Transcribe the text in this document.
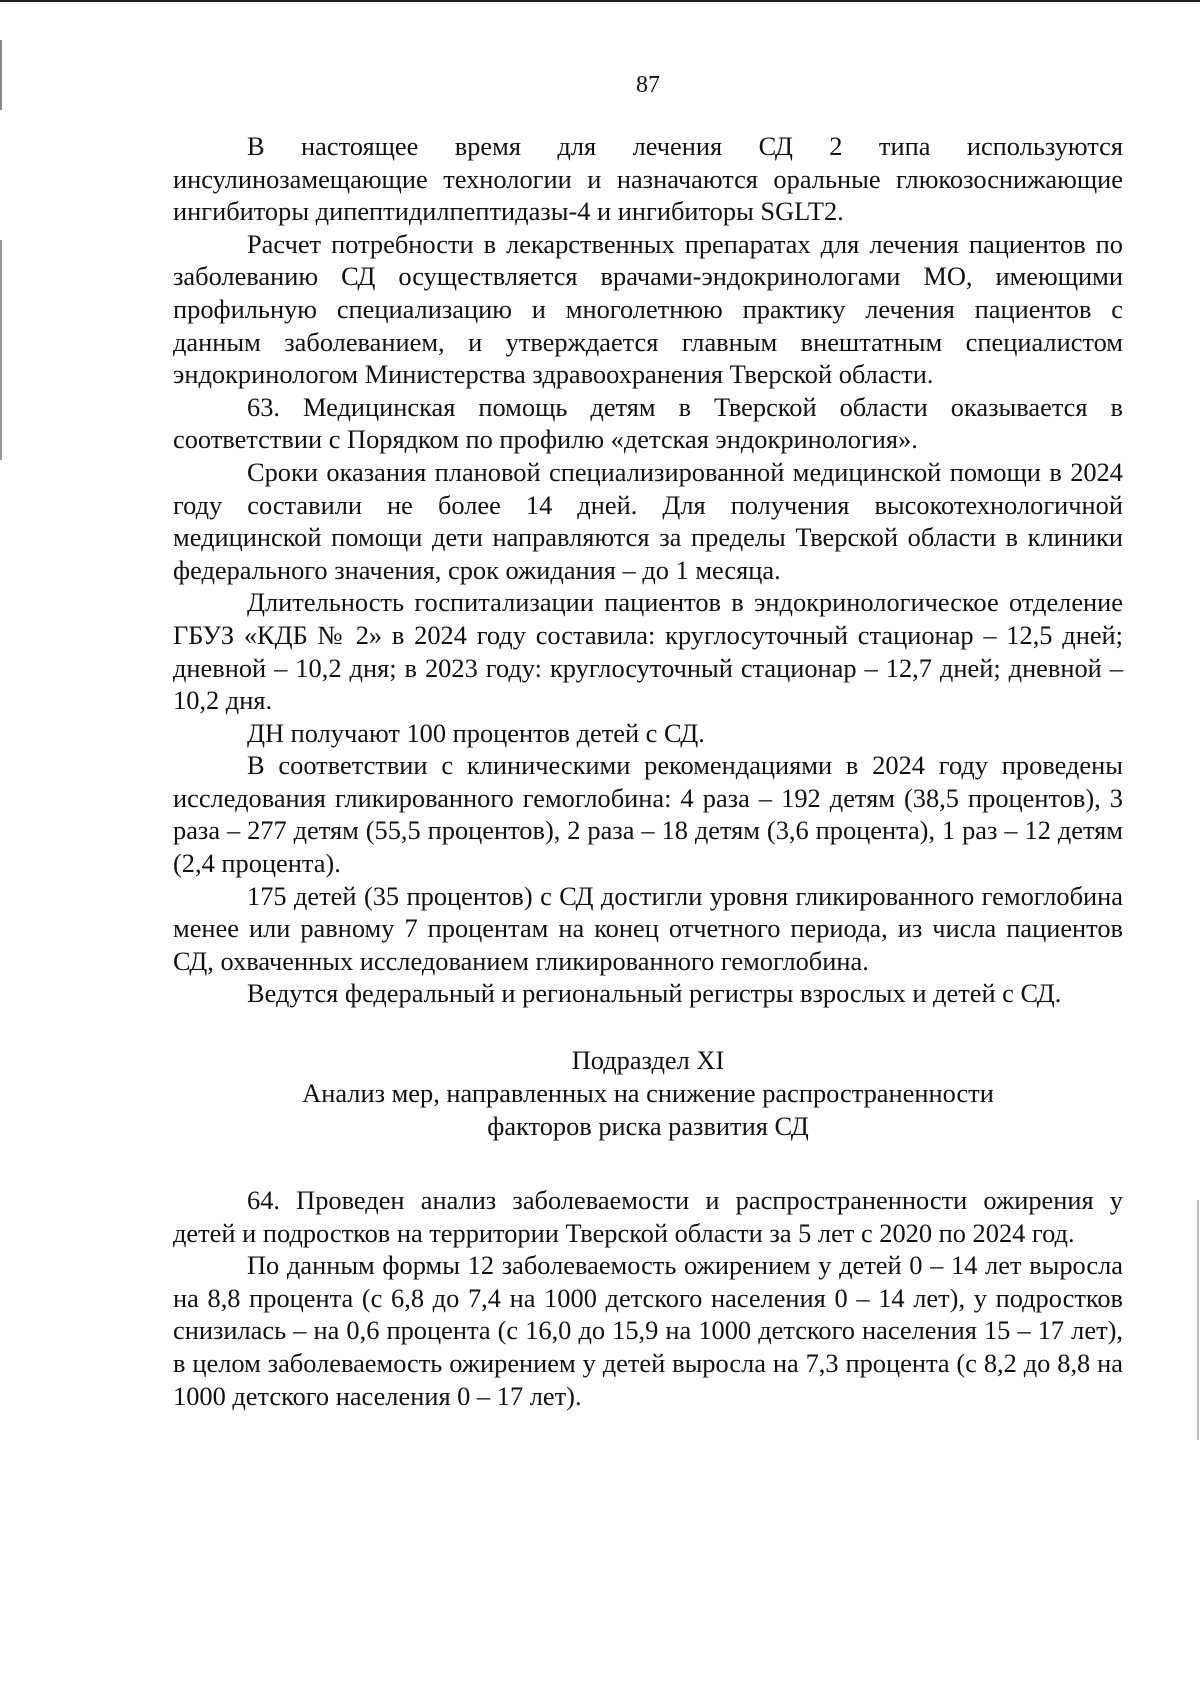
87

В настоящее время для лечения СД 2 типа используются инсулинозамещающие технологии и назначаются оральные глюкозоснижающие ингибиторы дипептидилпептидазы-4 и ингибиторы SGLT2.

Расчет потребности в лекарственных препаратах для лечения пациентов по заболеванию СД осуществляется врачами-эндокринологами МО, имеющими профильную специализацию и многолетнюю практику лечения пациентов с данным заболеванием, и утверждается главным внештатным специалистом эндокринологом Министерства здравоохранения Тверской области.

63. Медицинская помощь детям в Тверской области оказывается в соответствии с Порядком по профилю «детская эндокринология».

Сроки оказания плановой специализированной медицинской помощи в 2024 году составили не более 14 дней. Для получения высокотехнологичной медицинской помощи дети направляются за пределы Тверской области в клиники федерального значения, срок ожидания – до 1 месяца.

Длительность госпитализации пациентов в эндокринологическое отделение ГБУЗ «КДБ № 2» в 2024 году составила: круглосуточный стационар – 12,5 дней; дневной – 10,2 дня; в 2023 году: круглосуточный стационар – 12,7 дней; дневной – 10,2 дня.

ДН получают 100 процентов детей с СД.

В соответствии с клиническими рекомендациями в 2024 году проведены исследования гликированного гемоглобина: 4 раза – 192 детям (38,5 процентов), 3 раза – 277 детям (55,5 процентов), 2 раза – 18 детям (3,6 процента), 1 раз – 12 детям (2,4 процента).

175 детей (35 процентов) с СД достигли уровня гликированного гемоглобина менее или равному 7 процентам на конец отчетного периода, из числа пациентов СД, охваченных исследованием гликированного гемоглобина.

Ведутся федеральный и региональный регистры взрослых и детей с СД.

Подраздел XI
Анализ мер, направленных на снижение распространенности
факторов риска развития СД

64. Проведен анализ заболеваемости и распространенности ожирения у детей и подростков на территории Тверской области за 5 лет с 2020 по 2024 год.

По данным формы 12 заболеваемость ожирением у детей 0 – 14 лет выросла на 8,8 процента (с 6,8 до 7,4 на 1000 детского населения 0 – 14 лет), у подростков снизилась – на 0,6 процента (с 16,0 до 15,9 на 1000 детского населения 15 – 17 лет), в целом заболеваемость ожирением у детей выросла на 7,3 процента (с 8,2 до 8,8 на 1000 детского населения 0 – 17 лет).
